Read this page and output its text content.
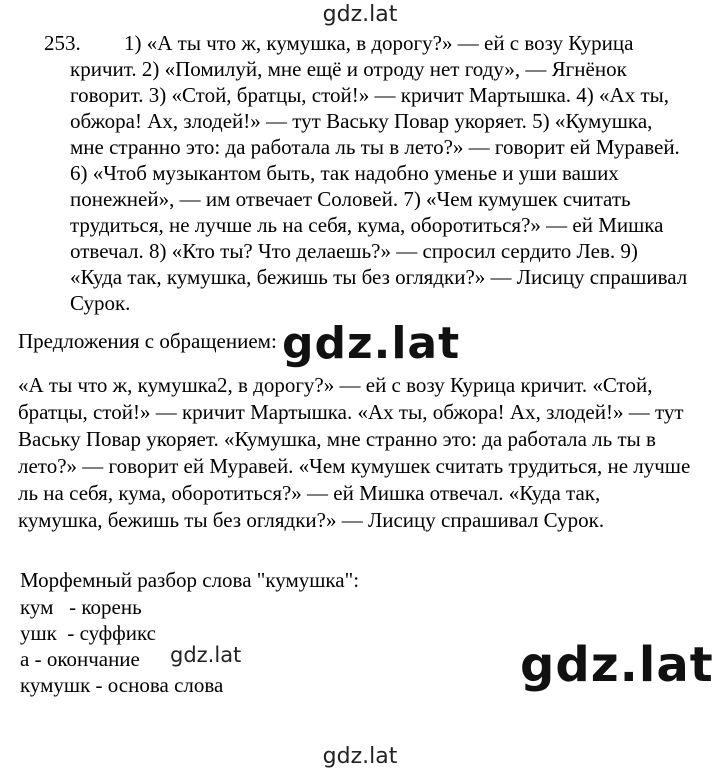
gdz.lat
gdz.lat
gdz.lat	gdz.lat
gdz.lat
253. 1) «А ты что ж, кумушка, в дорогу?» — ей с возу Курица
кричит. 2) «Помилуй, мне ещё и отроду нет году», — Ягнёнок
говорит. 3) «Стой, братцы, стой!» — кричит Мартышка. 4) «Ах ты,
обжора! Ах, злодей!» — тут Ваську Повар укоряет. 5) «Кумушка,
мне странно это: да работала ль ты в лето?» — говорит ей Муравей.
6) «Чтоб музыкантом быть, так надобно уменье и уши ваших
понежней», — им отвечает Соловей. 7) «Чем кумушек считать
трудиться, не лучше ль на себя, кума, оборотиться?» — ей Мишка
отвечал. 8) «Кто ты? Что делаешь?» — спросил сердито Лев. 9)
«Куда так, кумушка, бежишь ты без оглядки?» — Лисицу спрашивал
Сурок.
Предложения с обращением:
«А ты что ж, кумушка2, в дорогу?» — ей с возу Курица кричит. «Стой,
братцы, стой!» — кричит Мартышка. «Ах ты, обжора! Ах, злодей!» — тут
Ваську Повар укоряет. «Кумушка, мне странно это: да работала ль ты в
лето?» — говорит ей Муравей. «Чем кумушек считать трудиться, не лучше
ль на себя, кума, оборотиться?» — ей Мишка отвечал. «Куда так,
кумушка, бежишь ты без оглядки?» — Лисицу спрашивал Сурок.
Морфемный разбор слова "кумушка":
кум   - корень
ушк  - суффикс
а - окончание
кумушк - основа слова
